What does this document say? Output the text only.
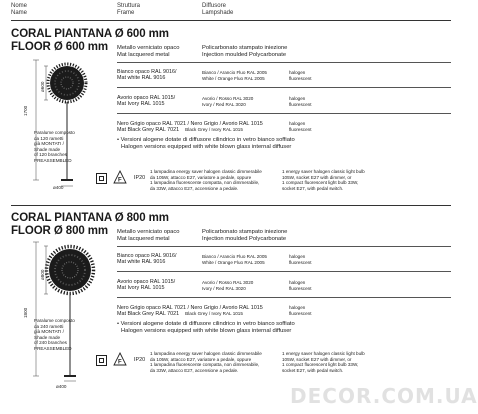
Nome
Name
Struttura
Frame
Diffusore
Lampshade
CORAL PIANTANA Ø 600 mm
FLOOR Ø 600 mm	Metallo verniciato opaco
Mat lacquered metal
Policarbonato stampato iniezione
Injection moulded Polycarbonate
Bianco opaco RAL 9016/
Mat white RAL 9016
Bianco / Arancio Fluo RAL 2005
White / Orange Fluo RAL 2005
halogen
fluorescent
Avorio opaco RAL 1015/
Mat Ivory RAL 1015
Avorio / Rosso RAL 3020
Ivory / Red RAL 3020
halogen
fluorescent
Nero Grigio opaco RAL 7021 / Nero Grigio / Avorio RAL 1015
Mat Black Grey RAL 7021 Black Grey / Ivory RAL 1015
halogen
fluorescent
• Versioni alogene dotate di diffusore cilindrico in vetro bianco soffiato
Halogen versions equipped with white blown glass internal diffuser
Paralume composto
da 120 rametti
già MONTATI /
Shade made
of 120 branches
PREASSEMBLED
1700
ø600
ø400
F IP20
1 lampadina energy saver halogen classic dimmerabile
da 105W, attacco E27, variatore a pedale, oppure
1 lampadina fluorescente compatta, non dimmerabile,
da 33W, attacco E27, accensione a pedale.
1 energy saver halogen classic light bulb
105W, socket E27 with dimmer, or
1 compact fluorescent light bulb 33W,
socket E27, with pedal switch.
CORAL PIANTANA Ø 800 mm
FLOOR Ø 800 mm	Metallo verniciato opaco
Mat lacquered metal
Policarbonato stampato iniezione
Injection moulded Polycarbonate
Bianco opaco RAL 9016/
Mat white RAL 9016
Bianco / Arancio Fluo RAL 2005
White / Orange Fluo RAL 2005
halogen
fluorescent
Avorio opaco RAL 1015/
Mat Ivory RAL 1015
Avorio / Rosso RAL 3020
Ivory / Red RAL 3020
halogen
fluorescent
Nero Grigio opaco RAL 7021 / Nero Grigio / Avorio RAL 1015
Mat Black Grey RAL 7021 Black Grey / Ivory RAL 1015
halogen
fluorescent
• Versioni alogene dotate di diffusore cilindrico in vetro bianco soffiato
Halogen versions equipped with white blown glass internal diffuser
Paralume composto
da 240 rametti
già MONTATI /
Shade made
of 240 branches
PREASSEMBLED
1800
ø800
ø400
F IP20
1 lampadina energy saver halogen classic dimmerabile
da 105W, attacco E27, variatore a pedale, oppure
1 lampadina fluorescente compatta, non dimmerabile,
da 33W, attacco E27, accensione a pedale.
1 energy saver halogen classic light bulb
105W, socket E27 with dimmer, or
1 compact fluorescent light bulb 33W,
socket E27, with pedal switch.
DECOR.COM.UA
